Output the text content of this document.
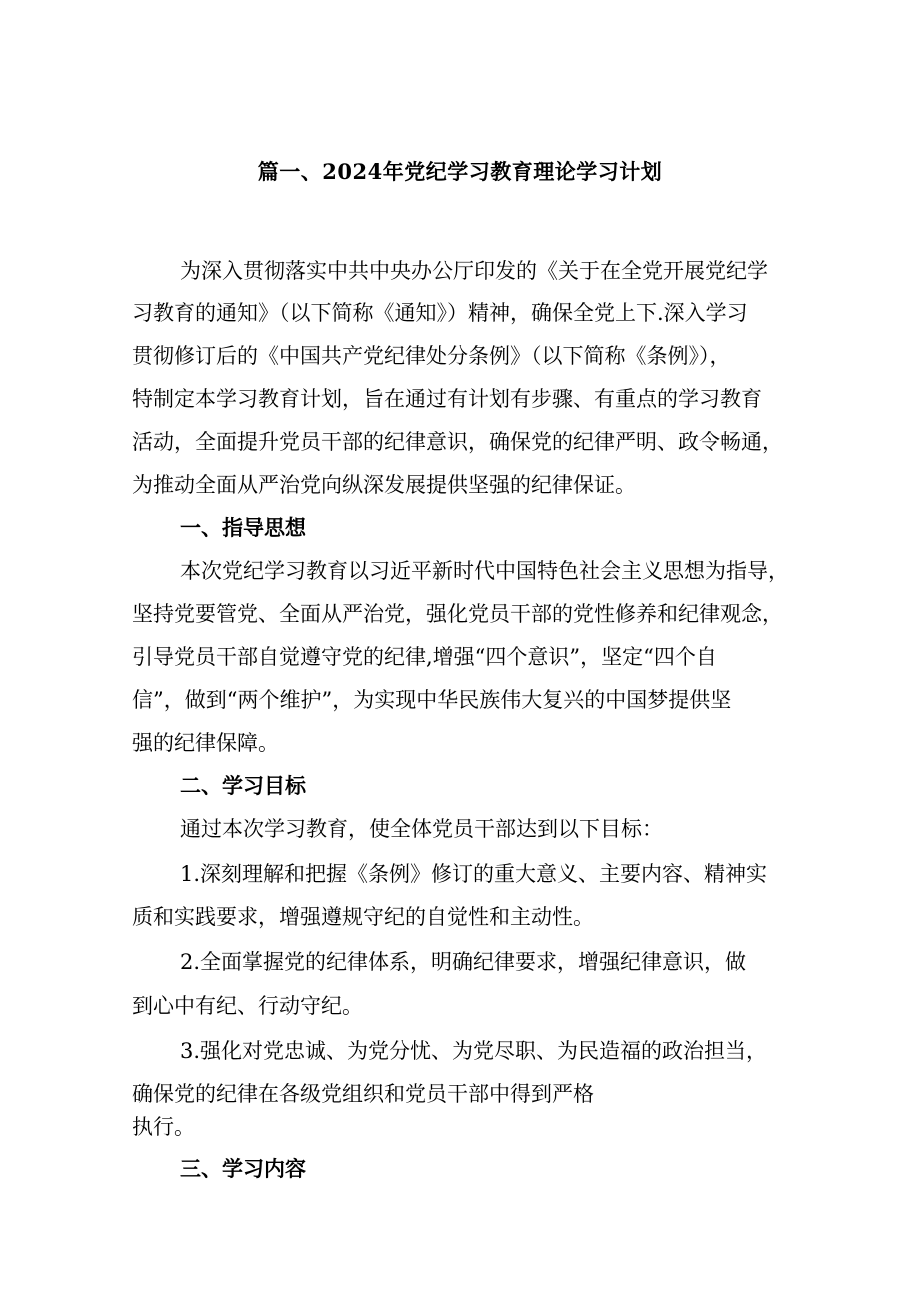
篇一、2024年党纪学习教育理论学习计划
为深入贯彻落实中共中央办公厅印发的《关于在全党开展党纪学
习教育的通知》（以下简称《通知》）精神，确保全党上下.深入学习
贯彻修订后的《中国共产党纪律处分条例》（以下简称《条例》），
特制定本学习教育计划，旨在通过有计划有步骤、有重点的学习教育
活动，全面提升党员干部的纪律意识，确保党的纪律严明、政令畅通，
为推动全面从严治党向纵深发展提供坚强的纪律保证。
一、指导思想
本次党纪学习教育以习近平新时代中国特色社会主义思想为指导，
坚持党要管党、全面从严治党，强化党员干部的党性修养和纪律观念，
引导党员干部自觉遵守党的纪律,增强“四个意识”，坚定“四个自
信”，做到“两个维护”，为实现中华民族伟大复兴的中国梦提供坚
强的纪律保障。
二、学习目标
通过本次学习教育，使全体党员干部达到以下目标：
1.深刻理解和把握《条例》修订的重大意义、主要内容、精神实
质和实践要求，增强遵规守纪的自觉性和主动性。
2.全面掌握党的纪律体系，明确纪律要求，增强纪律意识，做
到心中有纪、行动守纪。
3.强化对党忠诚、为党分忧、为党尽职、为民造福的政治担当，
确保党的纪律在各级党组织和党员干部中得到严格
执行。
三、学习内容
